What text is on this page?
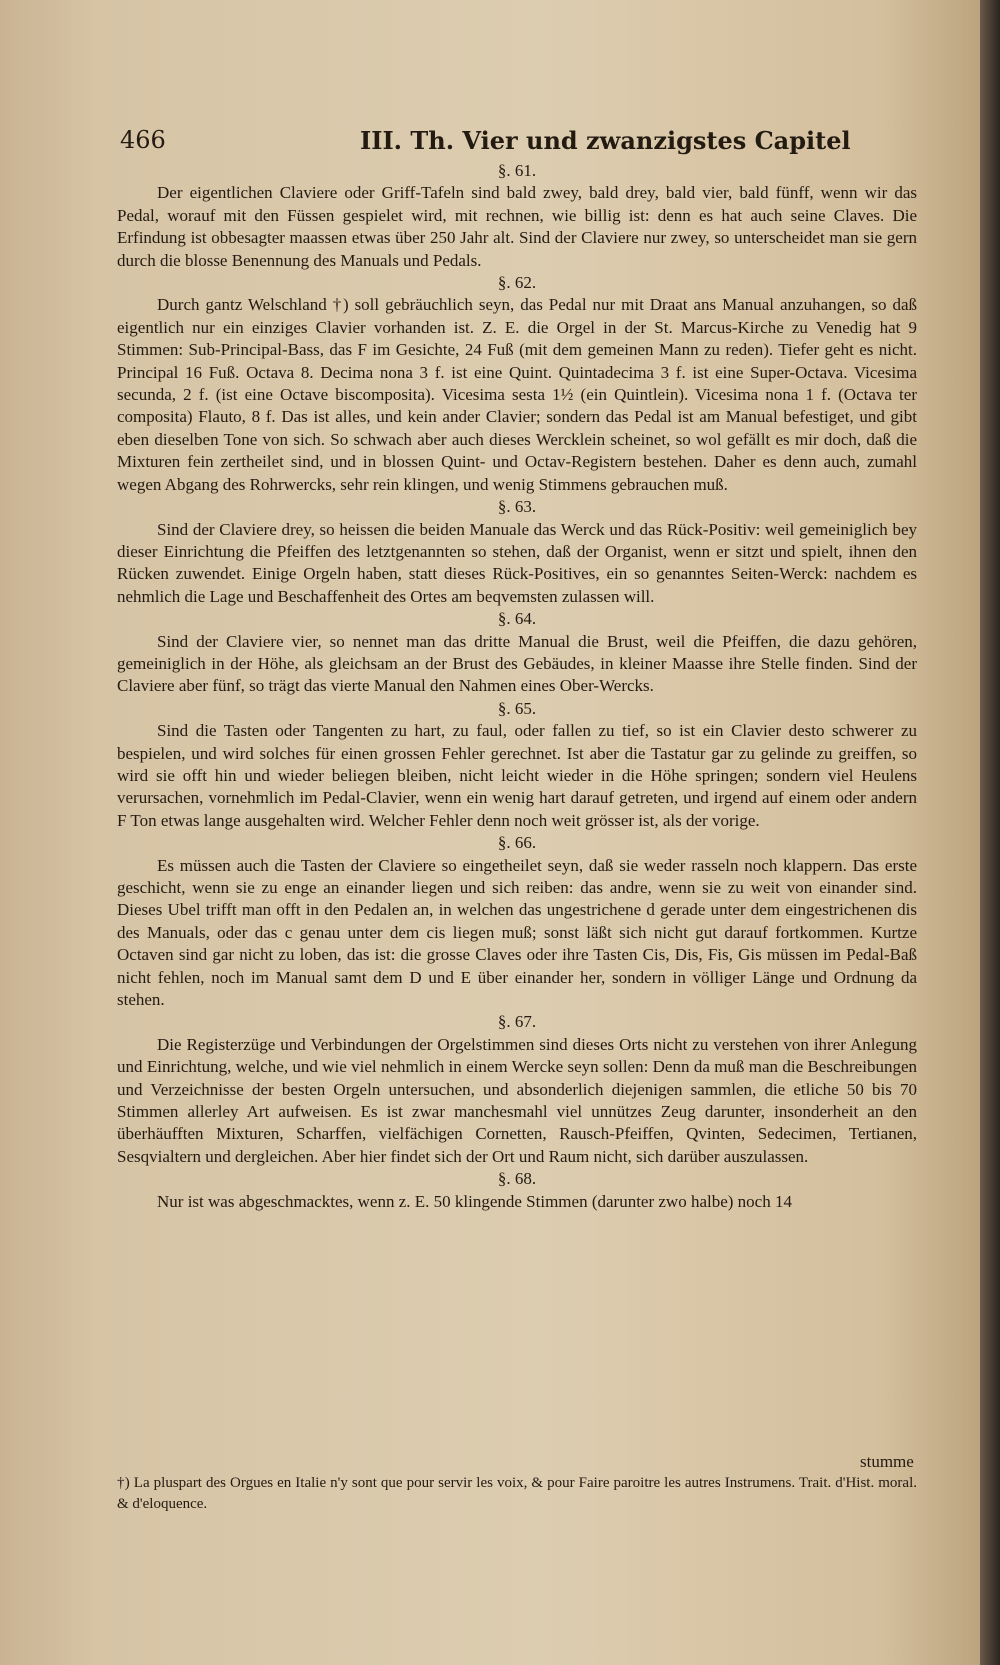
466	III. Th. Vier und zwanzigstes Capitel

§. 61.

Der eigentlichen Claviere oder Griff-Tafeln sind bald zwey, bald drey, bald vier, bald fünff, wenn wir das Pedal, worauf mit den Füssen gespielet wird, mit rechnen, wie billig ist: denn es hat auch seine Claves. Die Erfindung ist obbesagter maassen etwas über 250 Jahr alt. Sind der Claviere nur zwey, so unterscheidet man sie gern durch die blosse Benennung des Manuals und Pedals.

§. 62.

Durch gantz Welschland †) soll gebräuchlich seyn, das Pedal nur mit Draat ans Manual anzuhangen, so daß eigentlich nur ein einziges Clavier vorhanden ist. Z. E. die Orgel in der St. Marcus-Kirche zu Venedig hat 9 Stimmen: Sub-Principal-Bass, das F im Gesichte, 24 Fuß (mit dem gemeinen Mann zu reden). Tiefer geht es nicht. Principal 16 Fuß. Octava 8. Decima nona 3 f. ist eine Quint. Quintadecima 3 f. ist eine Super-Octava. Vicesima secunda, 2 f. (ist eine Octave biscomposita). Vicesima sesta 1½ (ein Quintlein). Vicesima nona 1 f. (Octava ter composita) Flauto, 8 f. Das ist alles, und kein ander Clavier; sondern das Pedal ist am Manual befestiget, und gibt eben dieselben Tone von sich. So schwach aber auch dieses Wercklein scheinet, so wol gefällt es mir doch, daß die Mixturen fein zertheilet sind, und in blossen Quint- und Octav-Registern bestehen. Daher es denn auch, zumahl wegen Abgang des Rohrwercks, sehr rein klingen, und wenig Stimmens gebrauchen muß.

§. 63.

Sind der Claviere drey, so heissen die beiden Manuale das Werck und das Rück-Positiv: weil gemeiniglich bey dieser Einrichtung die Pfeiffen des letztgenannten so stehen, daß der Organist, wenn er sitzt und spielt, ihnen den Rücken zuwendet. Einige Orgeln haben, statt dieses Rück-Positives, ein so genanntes Seiten-Werck: nachdem es nehmlich die Lage und Beschaffenheit des Ortes am beqvemsten zulassen will.

§. 64.

Sind der Claviere vier, so nennet man das dritte Manual die Brust, weil die Pfeiffen, die dazu gehören, gemeiniglich in der Höhe, als gleichsam an der Brust des Gebäudes, in kleiner Maasse ihre Stelle finden. Sind der Claviere aber fünf, so trägt das vierte Manual den Nahmen eines Ober-Wercks.

§. 65.

Sind die Tasten oder Tangenten zu hart, zu faul, oder fallen zu tief, so ist ein Clavier desto schwerer zu bespielen, und wird solches für einen grossen Fehler gerechnet. Ist aber die Tastatur gar zu gelinde zu greiffen, so wird sie offt hin und wieder beliegen bleiben, nicht leicht wieder in die Höhe springen; sondern viel Heulens verursachen, vornehmlich im Pedal-Clavier, wenn ein wenig hart darauf getreten, und irgend auf einem oder andern F Ton etwas lange ausgehalten wird. Welcher Fehler denn noch weit grösser ist, als der vorige.

§. 66.

Es müssen auch die Tasten der Claviere so eingetheilet seyn, daß sie weder rasseln noch klappern. Das erste geschicht, wenn sie zu enge an einander liegen und sich reiben: das andre, wenn sie zu weit von einander sind. Dieses Ubel trifft man offt in den Pedalen an, in welchen das ungestrichene d gerade unter dem eingestrichenen dis des Manuals, oder das c genau unter dem cis liegen muß; sonst läßt sich nicht gut darauf fortkommen. Kurtze Octaven sind gar nicht zu loben, das ist: die grosse Claves oder ihre Tasten Cis, Dis, Fis, Gis müssen im Pedal-Baß nicht fehlen, noch im Manual samt dem D und E über einander her, sondern in völliger Länge und Ordnung da stehen.

§. 67.

Die Registerzüge und Verbindungen der Orgelstimmen sind dieses Orts nicht zu verstehen von ihrer Anlegung und Einrichtung, welche, und wie viel nehmlich in einem Wercke seyn sollen: Denn da muß man die Beschreibungen und Verzeichnisse der besten Orgeln untersuchen, und absonderlich diejenigen sammlen, die etliche 50 bis 70 Stimmen allerley Art aufweisen. Es ist zwar manchesmahl viel unnützes Zeug darunter, insonderheit an den überhäufften Mixturen, Scharffen, vielfächigen Cornetten, Rausch-Pfeiffen, Qvinten, Sedecimen, Tertianen, Sesqvialtern und dergleichen. Aber hier findet sich der Ort und Raum nicht, sich darüber auszulassen.

§. 68.

Nur ist was abgeschmacktes, wenn z. E. 50 klingende Stimmen (darunter zwo halbe) noch 14

stumme
†) La pluspart des Orgues en Italie n'y sont que pour servir les voix, & pour Faire paroitre les autres Instrumens. Trait. d'Hist. moral. & d'eloquence.
